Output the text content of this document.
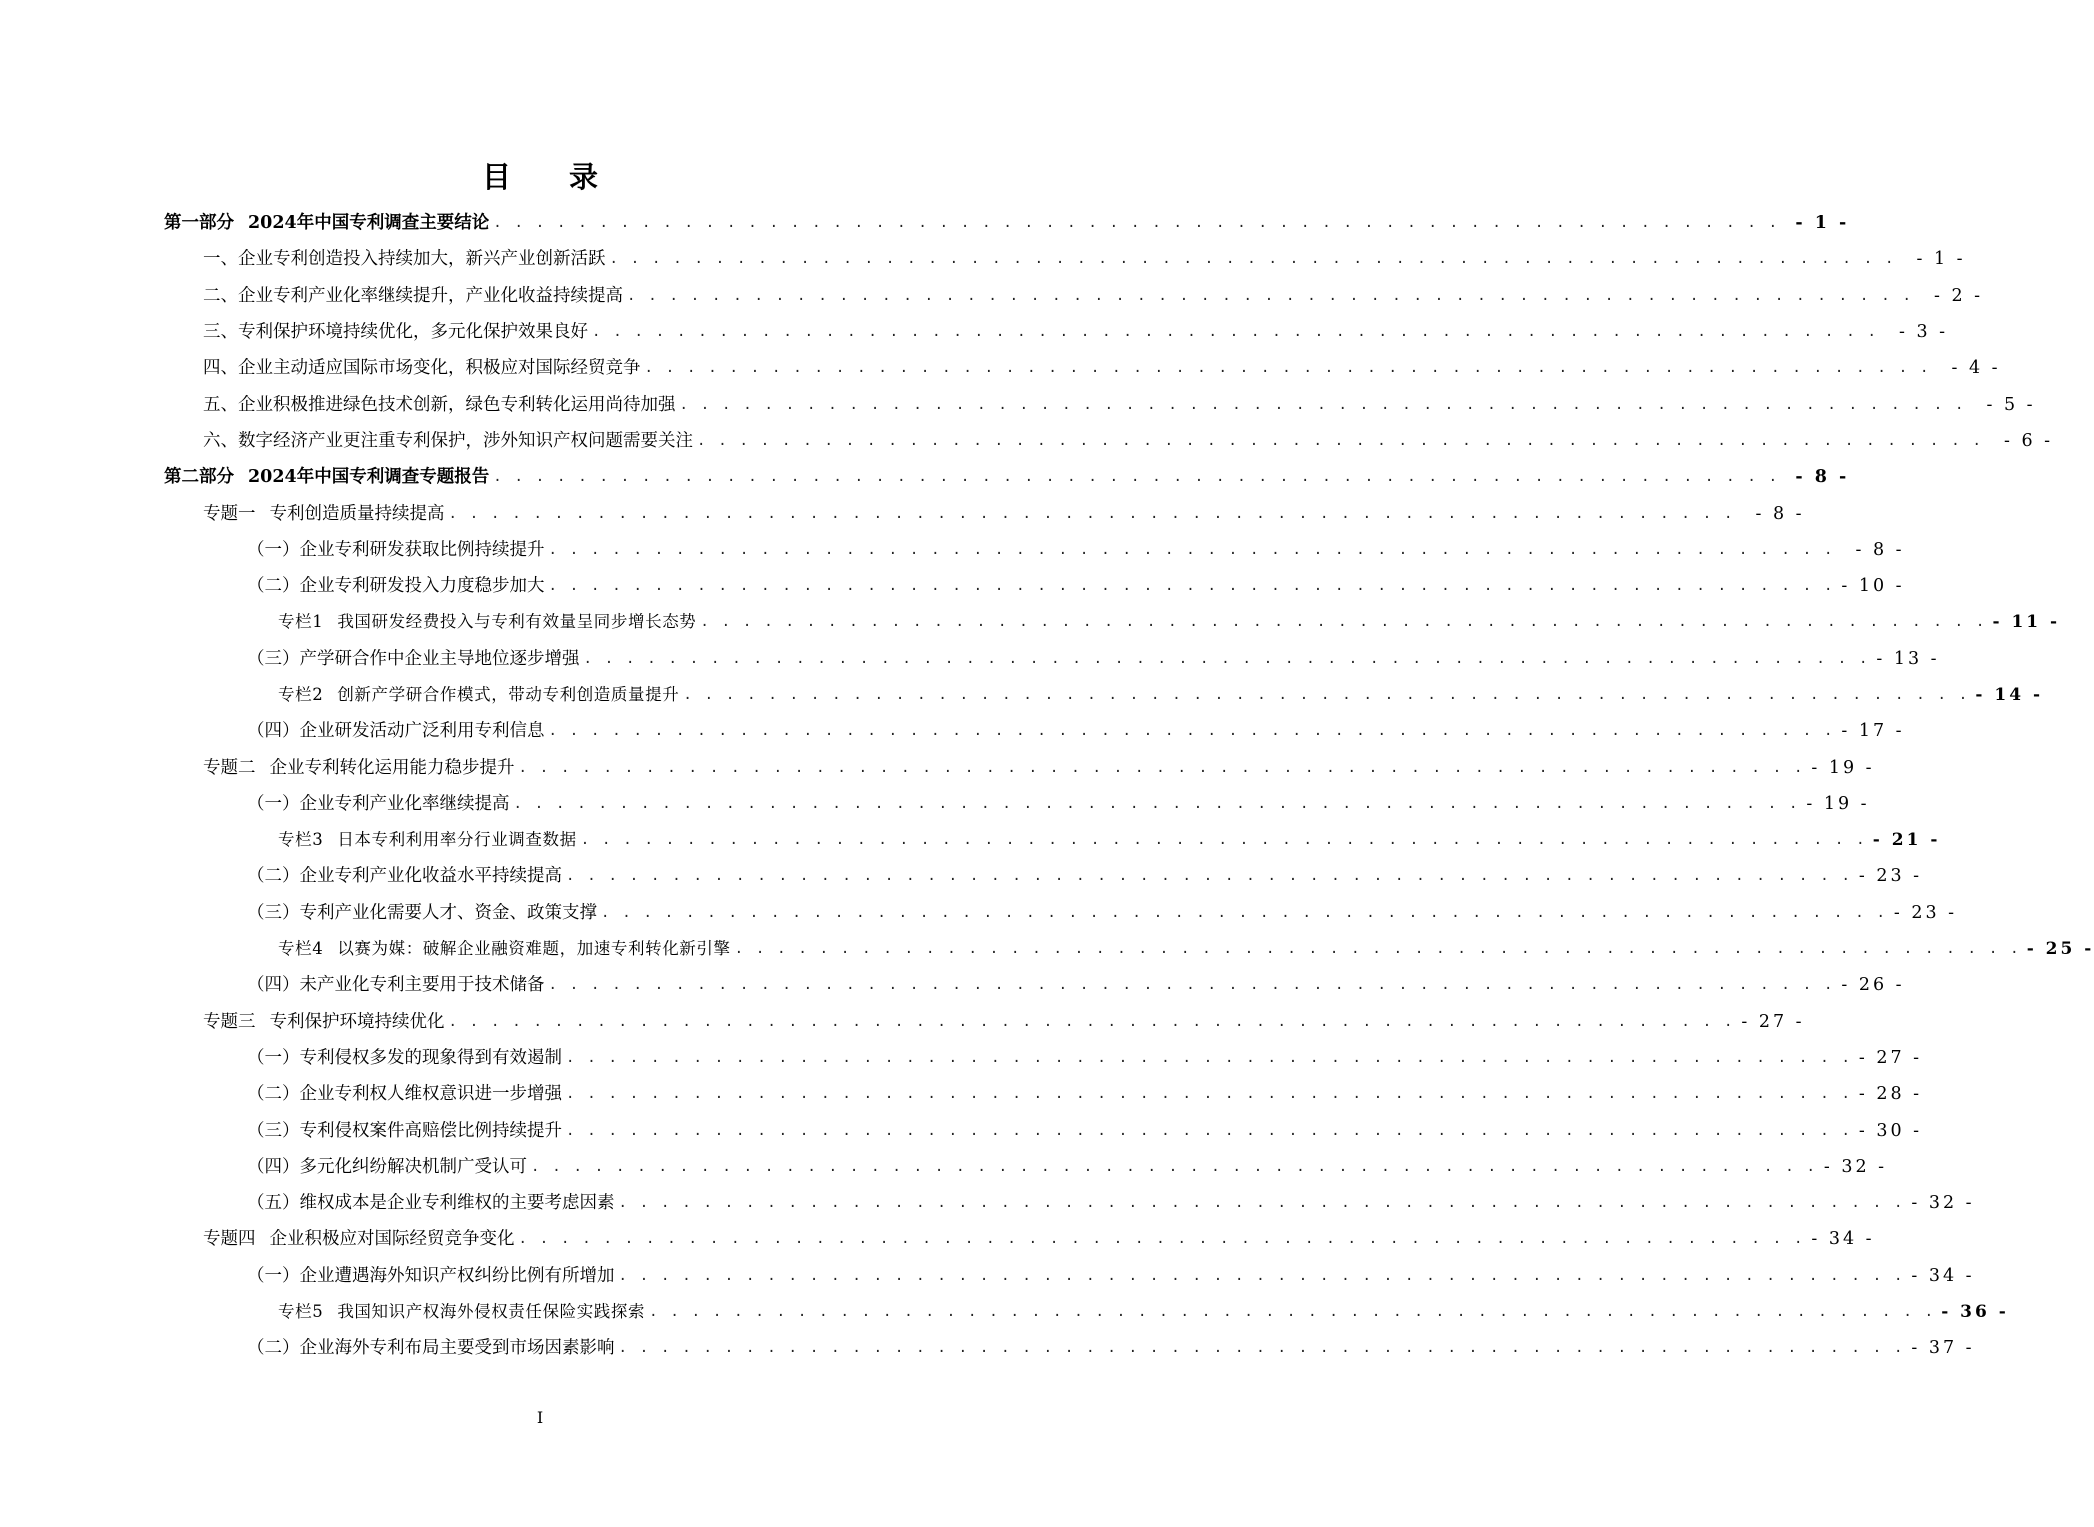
目 录
第一部分 2024年中国专利调查主要结论 . . . . . . . . . . . . . . . . . . . . . . . . . . . . . . . . . . . . . . . . . . . . . . . . . . . . . . . . . . . . . - 1 -
一、企业专利创造投入持续加大，新兴产业创新活跃 . . . . . . . . . . . . . . . . . . . . . . . . . . . . . . . . . . . . . . . . . . . . . . . . . . . . . . . . . . . . .	- 1 -
二、企业专利产业化率继续提升，产业化收益持续提高 . . . . . . . . . . . . . . . . . . . . . . . . . . . . . . . . . . . . . . . . . . . . . . . . . . . . . . . . . . . . .	- 2 -
三、专利保护环境持续优化，多元化保护效果良好 . . . . . . . . . . . . . . . . . . . . . . . . . . . . . . . . . . . . . . . . . . . . . . . . . . . . . . . . . . . . .	- 3 -
四、企业主动适应国际市场变化，积极应对国际经贸竞争 . . . . . . . . . . . . . . . . . . . . . . . . . . . . . . . . . . . . . . . . . . . . . . . . . . . . . . . . . . . . .	- 4 -
五、企业积极推进绿色技术创新，绿色专利转化运用尚待加强 . . . . . . . . . . . . . . . . . . . . . . . . . . . . . . . . . . . . . . . . . . . . . . . . . . . . . . . . . . . . .	- 5 -
六、数字经济产业更注重专利保护，涉外知识产权问题需要关注 . . . . . . . . . . . . . . . . . . . . . . . . . . . . . . . . . . . . . . . . . . . . . . . . . . . . . . . . . . . . .	- 6 -
第二部分 2024年中国专利调查专题报告 . . . . . . . . . . . . . . . . . . . . . . . . . . . . . . . . . . . . . . . . . . . . . . . . . . . . . . . . . . . . . - 8 -
专题一 专利创造质量持续提高 . . . . . . . . . . . . . . . . . . . . . . . . . . . . . . . . . . . . . . . . . . . . . . . . . . . . . . . . . . . . .	- 8 -
（一）企业专利研发获取比例持续提升 . . . . . . . . . . . . . . . . . . . . . . . . . . . . . . . . . . . . . . . . . . . . . . . . . . . . . . . . . . . . .	- 8 -
（二）企业专利研发投入力度稳步加大 . . . . . . . . . . . . . . . . . . . . . . . . . . . . . . . . . . . . . . . . . . . . . . . . . . . . . . . . . . . . . - 10 -
专栏1 我国研发经费投入与专利有效量呈同步增长态势 . . . . . . . . . . . . . . . . . . . . . . . . . . . . . . . . . . . . . . . . . . . . . . . . . . . . . . . . . . . . . - 11 -
（三）产学研合作中企业主导地位逐步增强 . . . . . . . . . . . . . . . . . . . . . . . . . . . . . . . . . . . . . . . . . . . . . . . . . . . . . . . . . . . . . - 13 -
专栏2 创新产学研合作模式，带动专利创造质量提升 . . . . . . . . . . . . . . . . . . . . . . . . . . . . . . . . . . . . . . . . . . . . . . . . . . . . . . . . . . . . . - 14 -
（四）企业研发活动广泛利用专利信息 . . . . . . . . . . . . . . . . . . . . . . . . . . . . . . . . . . . . . . . . . . . . . . . . . . . . . . . . . . . . . - 17 -
专题二 企业专利转化运用能力稳步提升 . . . . . . . . . . . . . . . . . . . . . . . . . . . . . . . . . . . . . . . . . . . . . . . . . . . . . . . . . . . . . - 19 -
（一）企业专利产业化率继续提高 . . . . . . . . . . . . . . . . . . . . . . . . . . . . . . . . . . . . . . . . . . . . . . . . . . . . . . . . . . . . . - 19 -
专栏3 日本专利利用率分行业调查数据 . . . . . . . . . . . . . . . . . . . . . . . . . . . . . . . . . . . . . . . . . . . . . . . . . . . . . . . . . . . . . - 21 -
（二）企业专利产业化收益水平持续提高 . . . . . . . . . . . . . . . . . . . . . . . . . . . . . . . . . . . . . . . . . . . . . . . . . . . . . . . . . . . . . - 23 -
（三）专利产业化需要人才、资金、政策支撑 . . . . . . . . . . . . . . . . . . . . . . . . . . . . . . . . . . . . . . . . . . . . . . . . . . . . . . . . . . . . . - 23 -
专栏4 以赛为媒：破解企业融资难题，加速专利转化新引擎 . . . . . . . . . . . . . . . . . . . . . . . . . . . . . . . . . . . . . . . . . . . . . . . . . . . . . . . . . . . . . - 25 -
（四）未产业化专利主要用于技术储备 . . . . . . . . . . . . . . . . . . . . . . . . . . . . . . . . . . . . . . . . . . . . . . . . . . . . . . . . . . . . . - 26 -
专题三 专利保护环境持续优化 . . . . . . . . . . . . . . . . . . . . . . . . . . . . . . . . . . . . . . . . . . . . . . . . . . . . . . . . . . . . . - 27 -
（一）专利侵权多发的现象得到有效遏制 . . . . . . . . . . . . . . . . . . . . . . . . . . . . . . . . . . . . . . . . . . . . . . . . . . . . . . . . . . . . . - 27 -
（二）企业专利权人维权意识进一步增强 . . . . . . . . . . . . . . . . . . . . . . . . . . . . . . . . . . . . . . . . . . . . . . . . . . . . . . . . . . . . . - 28 -
（三）专利侵权案件高赔偿比例持续提升 . . . . . . . . . . . . . . . . . . . . . . . . . . . . . . . . . . . . . . . . . . . . . . . . . . . . . . . . . . . . . - 30 -
（四）多元化纠纷解决机制广受认可 . . . . . . . . . . . . . . . . . . . . . . . . . . . . . . . . . . . . . . . . . . . . . . . . . . . . . . . . . . . . . - 32 -
（五）维权成本是企业专利维权的主要考虑因素 . . . . . . . . . . . . . . . . . . . . . . . . . . . . . . . . . . . . . . . . . . . . . . . . . . . . . . . . . . . . . - 32 -
专题四 企业积极应对国际经贸竞争变化 . . . . . . . . . . . . . . . . . . . . . . . . . . . . . . . . . . . . . . . . . . . . . . . . . . . . . . . . . . . . . - 34 -
（一）企业遭遇海外知识产权纠纷比例有所增加 . . . . . . . . . . . . . . . . . . . . . . . . . . . . . . . . . . . . . . . . . . . . . . . . . . . . . . . . . . . . . - 34 -
专栏5 我国知识产权海外侵权责任保险实践探索 . . . . . . . . . . . . . . . . . . . . . . . . . . . . . . . . . . . . . . . . . . . . . . . . . . . . . . . . . . . . . - 36 -
（二）企业海外专利布局主要受到市场因素影响 . . . . . . . . . . . . . . . . . . . . . . . . . . . . . . . . . . . . . . . . . . . . . . . . . . . . . . . . . . . . . - 37 -
I
